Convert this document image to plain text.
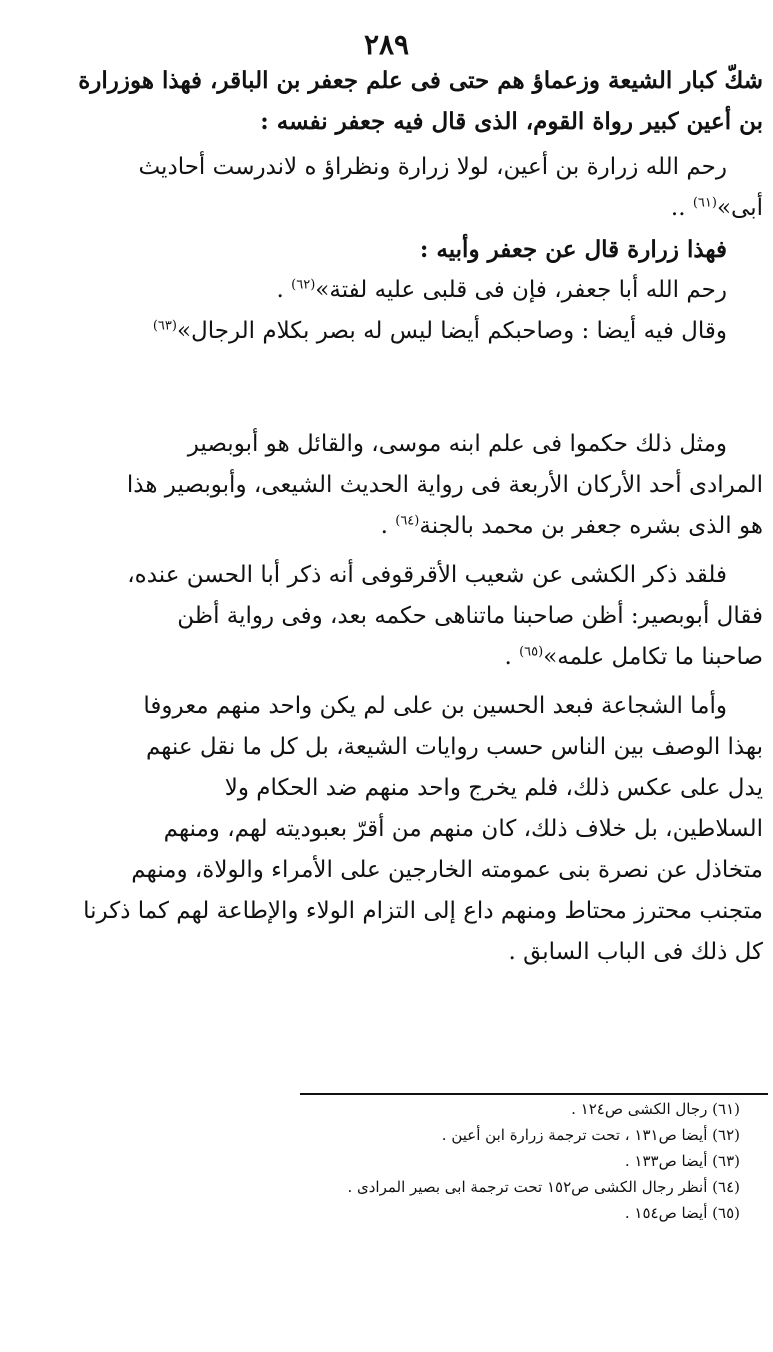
٢٨٩

شكّ كبار الشيعة وزعماؤ هم حتى فى علم جعفر بن الباقر، فهذا هوزرارة

بن أعين كبير رواة القوم، الذى قال فيه جعفر نفسه :

رحم الله زرارة بن أعين، لولا زرارة ونظراؤ ه لاندرست أحاديث

أبى»$^{(٦١)}$ ..

فهذا زرارة قال عن جعفر وأبيه :

رحم الله أبا جعفر، فإن فى قلبى عليه لفتة»$^{(٦٢)}$ .

وقال فيه أيضا : وصاحبكم أيضا ليس له بصر بكلام الرجال»$^{(٦٣)}$

ومثل ذلك حكموا فى علم ابنه موسى، والقائل هو أبوبصير

المرادى أحد الأركان الأربعة فى رواية الحديث الشيعى، وأبوبصير هذا

هو الذى بشره جعفر بن محمد بالجنة$^{(٦٤)}$ .

فلقد ذكر الكشى عن شعيب الأقرقوفى أنه ذكر أبا الحسن عنده،

فقال أبوبصير: أظن صاحبنا ماتناهى حكمه بعد، وفى رواية أظن

صاحبنا ما تكامل علمه»$^{(٦٥)}$ .

وأما الشجاعة فبعد الحسين بن على لم يكن واحد منهم معروفا

بهذا الوصف بين الناس حسب روايات الشيعة، بل كل ما نقل عنهم

يدل على عكس ذلك، فلم يخرج واحد منهم ضد الحكام ولا

السلاطين، بل خلاف ذلك، كان منهم من أقرّ بعبوديته لهم، ومنهم

متخاذل عن نصرة بنى عمومته الخارجين على الأمراء والولاة، ومنهم

متجنب محترز محتاط ومنهم داع إلى التزام الولاء والإطاعة لهم كما ذكرنا

كل ذلك فى الباب السابق .

(٦١) رجال الكشى ص١٢٤ .
(٦٢) أيضا ص١٣١ ، تحت ترجمة زرارة ابن أعين .
(٦٣) أيضا ص١٣٣ .
(٦٤) أنظر رجال الكشى ص١٥٢ تحت ترجمة ابى بصير المرادى .
(٦٥) أيضا ص١٥٤ .
